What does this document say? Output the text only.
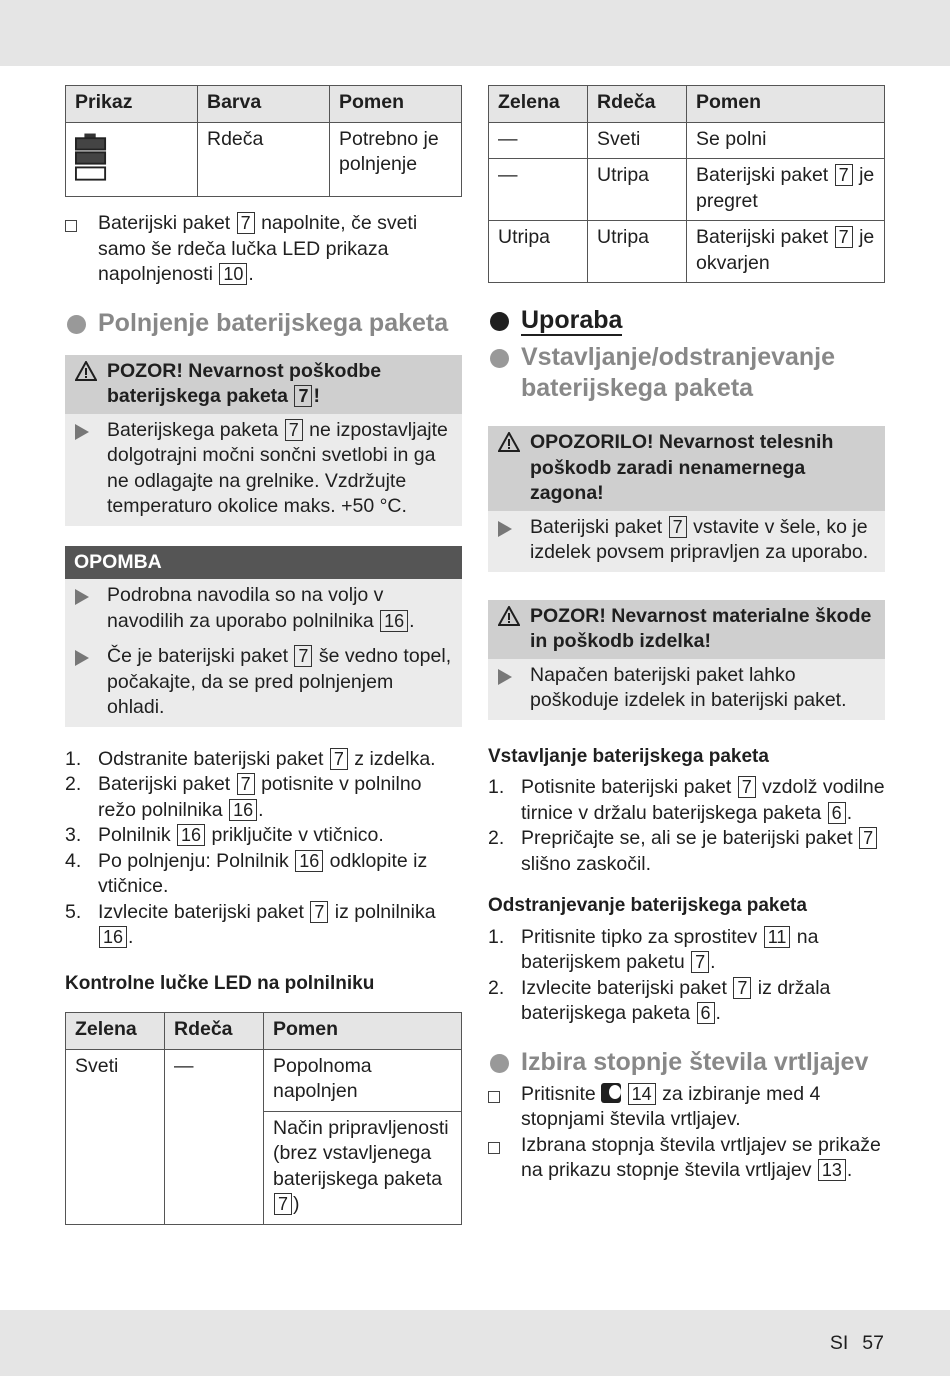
Prikaz	Barva	Pomen
	Rdeča	Potrebno je polnjenje
Baterijski paket 7 napolnite, če sveti samo še rdeča lučka LED prikaza napolnjenosti 10 .
Polnjenje baterijskega paketa
POZOR! Nevarnost poškodbe baterijskega paketa 7 !
Baterijskega paketa 7 ne izpostavljajte dolgotrajni močni sončni svetlobi in ga ne odlagajte na grelnike. Vzdržujte temperaturo okolice maks. +50 °C.
OPOMBA
Podrobna navodila so na voljo v navodilih za uporabo polnilnika 16 .
Če je baterijski paket 7 še vedno topel, počakajte, da se pred polnjenjem ohladi.
1. Odstranite baterijski paket 7 z izdelka.
2. Baterijski paket 7 potisnite v polnilno režo polnilnika 16 .
3. Polnilnik 16 priključite v vtičnico.
4. Po polnjenju: Polnilnik 16 odklopite iz vtičnice.
5. Izvlecite baterijski paket 7 iz polnilnika 16 .
Kontrolne lučke LED na polnilniku
Zelena	Rdeča	Pomen
Sveti	—	Popolnoma napolnjen
		Način pripravljenosti (brez vstavljenega baterijskega paketa 7 )
Zelena	Rdeča	Pomen
—	Sveti	Se polni
—	Utripa	Baterijski paket 7 je pregret
Utripa	Utripa	Baterijski paket 7 je okvarjen
Uporaba
Vstavljanje/odstranjevanje baterijskega paketa
OPOZORILO! Nevarnost telesnih poškodb zaradi nenamernega zagona!
Baterijski paket 7 vstavite v šele, ko je izdelek povsem pripravljen za uporabo.
POZOR! Nevarnost materialne škode in poškodb izdelka!
Napačen baterijski paket lahko poškoduje izdelek in baterijski paket.
Vstavljanje baterijskega paketa
1. Potisnite baterijski paket 7 vzdolž vodilne tirnice v držalu baterijskega paketa 6 .
2. Prepričajte se, ali se je baterijski paket 7 slišno zaskočil.
Odstranjevanje baterijskega paketa
1. Pritisnite tipko za sprostitev 11 na baterijskem paketu 7 .
2. Izvlecite baterijski paket 7 iz držala baterijskega paketa 6 .
Izbira stopnje števila vrtljajev
Pritisnite  14 za izbiranje med 4 stopnjami števila vrtljajev.
Izbrana stopnja števila vrtljajev se prikaže na prikazu stopnje števila vrtljajev 13 .
SI 57
